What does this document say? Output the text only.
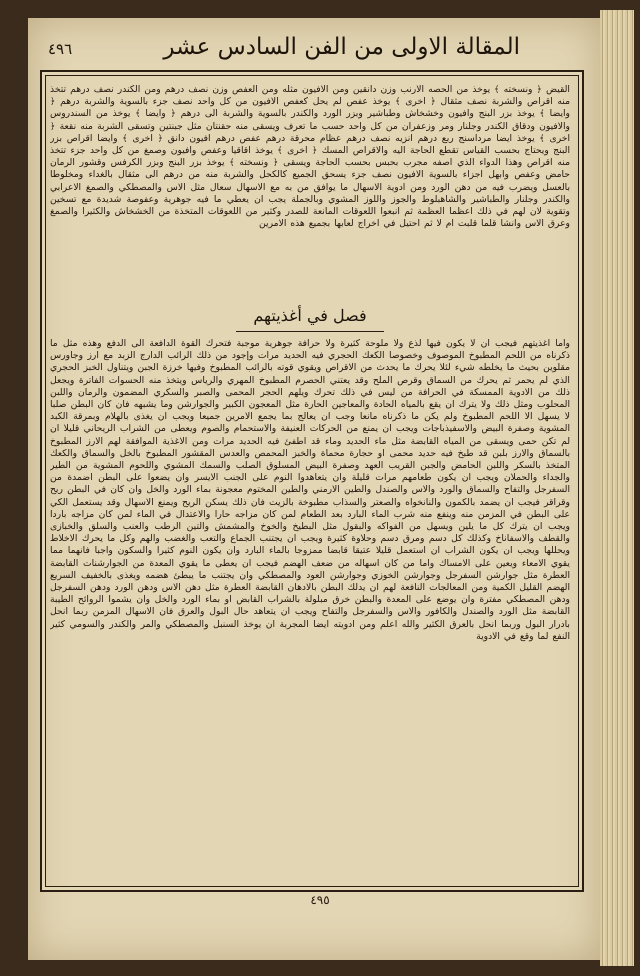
المقالة الاولى من الفن السادس عشر
٤٩٦
القيض ﴿ ونسخته ﴾ يوخذ من الحصه الارنب وزن دانقين ومن الافيون مثله ومن العفص وزن نصف درهم ومن الكندر نصف درهم تتخذ منه اقراص والشربة نصف مثقال ﴿ اخرى ﴾ يوخذ عفص لم يحل كعفص الافيون من كل واحد نصف جزء بالسوية والشربة درهم ﴿ وايضا ﴾ يوخذ بزر البنج وافيون وخشخاش وطباشير وبزر الورد والكندر بالسوية والشربة الى درهم ﴿ وايضا ﴾ يوخذ من السندروس والافيون ودقاق الكندر وجلنار ومر وزعفران من كل واحد حسب ما تعرف ويسقى منه حقنتان مثل جبنتين وتسقى الشربة منه نقعة ﴿ اخرى ﴾ يوخذ ايضا مرداسنج ربع درهم انزيه نصف درهم عظام محرقة درهم عفص درهم افيون دانق ﴿ اخرى ﴾ وايضا اقراص بزر البنج ويحتاج بحسب القياس تقطع الحاجة اليه والاقراص المسك ﴿ اخرى ﴾ يوخذ اقاقيا وعفص وافيون وصمغ من كل واحد جزء تتخذ منه اقراص وهذا الدواء الذي اصفه مجرب بحبس بحسب الحاجة ويسقى ﴿ ونسخته ﴾ يوخذ بزر البنج وبزر الكرفس وقشور الرمان حامض وعفص وابهل اجزاء بالسوية الافيون نصف جزء يسحق الجميع كالكحل والشربة منه من درهم الى مثقال بالغداء ومخلوطا بالعسل ويضرب فيه من دهن الورد ومن ادوية الاسهال ما يوافق من به مع الاسهال سعال مثل الاس والمصطكي والصمغ الاعرابي والكندر وجلنار والطباشير والشاهبلوط والجوز واللوز المشوي وبالجملة يجب ان يعطي ما فيه جوهرية وعفوصة شديدة مع تسخين وتقوية لان لهم في ذلك اعظما العظمة ثم انبعوا اللعوقات المانعة للصدر وكثير من اللعوقات المتخذة من الخشخاش والكثيرا والصمغ وعرق الاس وانشا قلما قلبت ام لا ثم احتيل في اخراج لعابها بجميع هذه الامرين
فصل في أغذيتهم
واما اغذيتهم فيجب ان لا يكون فيها لذع ولا ملوحة كثيرة ولا حرافة جوهرية موجبة فتحرك القوة الدافعة الى الدفع وهذه مثل ما ذكرناه من اللحم المطبوخ الموصوف وخصوصا الكعك الحجري فيه الحديد مرات وإجود من ذلك الرائب الدارج الزبد مع ارز وجاورس مقلوين بحيث ما يخلطه شيء لئلا يحرك ما يحدث من الاقراص ويقوي قوته بالرائب المطبوخ وفيها خرزة الجبن ويتناول الخبز الحجري الذي لم يحمر ثم يحرك من السماق وقرص الملح وقد يعتني الحصرم المطبوخ المهري والرياس ويتخذ منه الحسوات الفاترة ويجعل ذلك من الادوية الممسكة في الحرافة من ليس في ذلك تحرك ويلهم الحجر المحمى والصبر والسكري المضمون والرمان واللبن المحلوب ومثل ذلك ولا يترك ان يقع بالمياه الحادة والمعاجين الحارة مثل المعجون الكبير والجوارشن وما يشبهه فان كان البطن صلبا لا يسهل الا اللحم المطبوخ ولم يكن ما ذكرناه مانعا وجب ان يعالج بما يجمع الامرين جميعا ويجب ان يغذى بالهلام وبمرقة الكبد المشوية وصفرة البيض والاسفيذباجات ويجب ان يمنع من الحركات العنيفة والاستحمام والصوم ويعطى من الشراب الريحاني قليلا ان لم تكن حمى ويسقى من المياه القابضة مثل ماء الحديد وماء قد اطفئ فيه الحديد مرات ومن الاغذية الموافقة لهم الارز المطبوخ بالسماق والارز بلبن قد طبخ فيه حديد محمى او حجارة محماة والخبز المحمص والعدس المقشور المطبوخ بالخل والسماق والكعك المتخذ بالسكر واللبن الحامض والجبن القريب العهد وصفرة البيض المسلوق الصلب والسمك المشوي واللحوم المشوية من الطير والجداء والحملان ويجب ان يكون طعامهم مرات قليلة وان يتعاهدوا النوم على الجنب الايسر وان يضعوا على البطن اضمدة من السفرجل والتفاح والسماق والورد والاس والصندل والطين الارمني والطين المختوم معجونة بماء الورد والخل وان كان في البطن ريح وقراقر فيجب ان يضمد بالكمون والنانخواه والصعتر والسذاب مطبوخة بالزيت فان ذلك يسكن الريح ويمنع الاسهال وقد يستعمل الكي على البطن في المزمن منه وينفع منه شرب الماء البارد بعد الطعام لمن كان مزاجه حارا والاعتدال في الماء لمن كان مزاجه باردا ويجب ان يترك كل ما يلين ويسهل من الفواكه والبقول مثل البطيخ والخوخ والمشمش والتين الرطب والعنب والسلق والخبازى والقطف والاسفاناخ وكذلك كل دسم ومرق دسم وحلاوة كثيرة ويجب ان يجتنب الجماع والتعب والغضب والهم وكل ما يحرك الاخلاط ويحللها ويجب ان يكون الشراب ان استعمل قليلا عتيقا قابضا ممزوجا بالماء البارد وان يكون النوم كثيرا والسكون واجبا فانهما مما يقوي الامعاء ويعين على الامساك واما من كان اسهاله من ضعف الهضم فيجب ان يعطى ما يقوي المعدة من الجوارشنات القابضة العطرة مثل جوارشن السفرجل وجوارشن الخوزي وجوارشن العود والمصطكي وان يجتنب ما يبطئ هضمه ويغذى بالخفيف السريع الهضم القليل الكمية ومن المعالجات النافعة لهم ان يدلك البطن بالادهان القابضة العطرة مثل دهن الاس ودهن الورد ودهن السفرجل ودهن المصطكي مفترة وان يوضع على المعدة والبطن خرق مبلولة بالشراب القابض او بماء الورد والخل وان يشموا الروائح الطيبة القابضة مثل الورد والصندل والكافور والاس والسفرجل والتفاح ويجب ان يتعاهد حال البول والعرق فان الاسهال المزمن ربما انحل بادرار البول وربما انحل بالعرق الكثير والله اعلم ومن ادويته ايضا المجربة ان يوخذ السنبل والمصطكي والمر والكندر والسومي كثير النفع لما وقع في الادوية
٤٩٥
